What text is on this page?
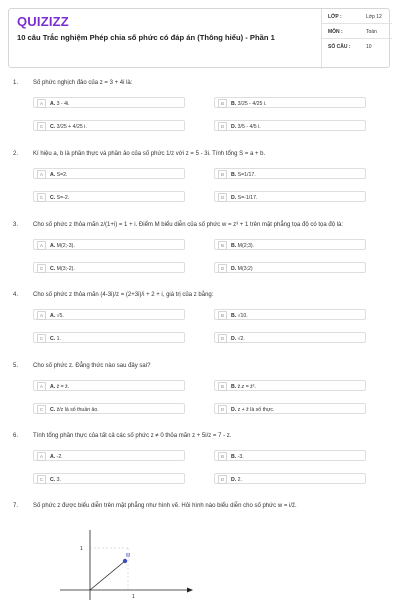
QUIZIZZ
10 câu Trắc nghiệm Phép chia số phức có đáp án (Thông hiểu) - Phần 1
LỚP :	Lớp 12
MÔN :	Toán
SỐ CÂU :	10
1. Số phức nghịch đảo của z = 3 + 4i là:
A	A. 3 - 4i.	B	B. 3/25 - 4/25 i.
C	C. 3/25 + 4/25 i.	D	D. 3/5 - 4/5 i.
2. Kí hiệu a, b là phần thực và phần ảo của số phức 1/z với z = 5 - 3i. Tính tổng S = a + b.
A	A. S=2.	B	B. S=1/17.
C	C. S=-2.	D	D. S=-1/17.
3. Cho số phức z thỏa mãn z/(1+i) = 1 + i. Điểm M biểu diễn của số phức w = z³ + 1 trên mặt phẳng tọa độ có tọa độ là:
A	A. M(2;-3).	B	B. M(2;3).
C	C. M(3;-2).	D	D. M(3;2)
4. Cho số phức z thỏa mãn (4-3i)/z = (2+3i)/i + 2 + i, giá trị của z bằng:
A	A. √5.	B	B. √10.
C	C. 1.	D	D. √2.
5. Cho số phức z. Đẳng thức nào sau đây sai?
A	A. z̄ = z̄.	B	B. z̄.z = z̄².
C	C. z̄/z là số thuần ảo.	D	D. z + z̄ là số thực.
6. Tính tổng phần thực của tất cả các số phức z ≠ 0 thỏa mãn z + 5i/z = 7 - z.
A	A. -2.	B	B. -3.
C	C. 3.	D	D. 2.
7. Số phức z được biểu diễn trên mặt phẳng như hình vẽ. Hỏi hình nào biểu diễn cho số phức w = i/z̄.
M
1
1
